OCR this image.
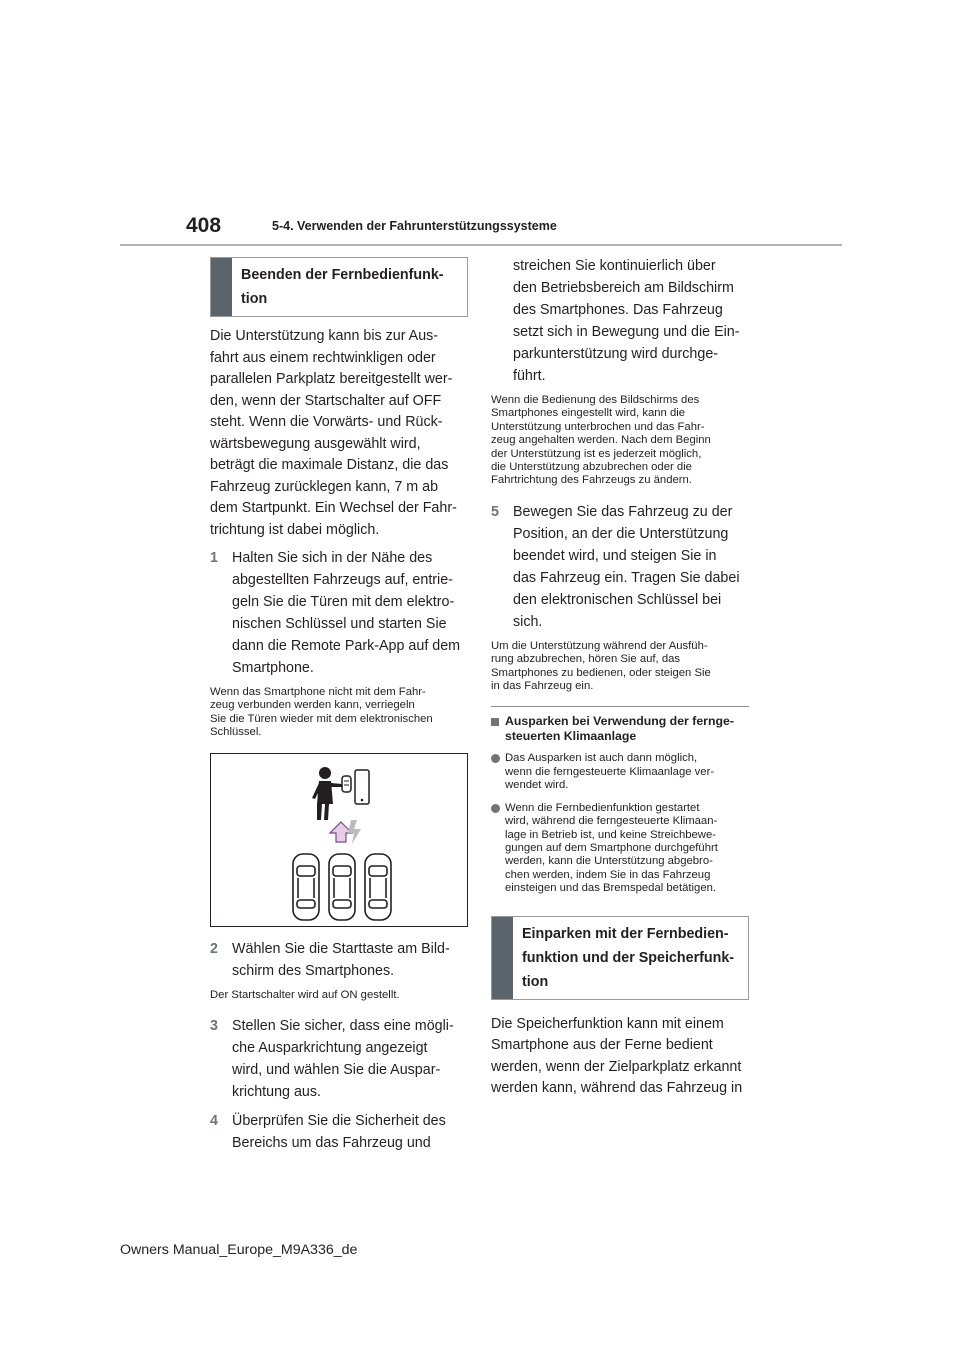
408	5-4. Verwenden der Fahrunterstützungssysteme
Beenden der Fernbedienfunk-
tion
Die Unterstützung kann bis zur Aus-
fahrt aus einem rechtwinkligen oder
parallelen Parkplatz bereitgestellt wer-
den, wenn der Startschalter auf OFF
steht. Wenn die Vorwärts- und Rück-
wärtsbewegung ausgewählt wird,
beträgt die maximale Distanz, die das
Fahrzeug zurücklegen kann, 7 m ab
dem Startpunkt. Ein Wechsel der Fahr-
trichtung ist dabei möglich.
1 Halten Sie sich in der Nähe des
abgestellten Fahrzeugs auf, entrie-
geln Sie die Türen mit dem elektro-
nischen Schlüssel und starten Sie
dann die Remote Park-App auf dem
Smartphone.
Wenn das Smartphone nicht mit dem Fahr-
zeug verbunden werden kann, verriegeln
Sie die Türen wieder mit dem elektronischen
Schlüssel.
2 Wählen Sie die Starttaste am Bild-
schirm des Smartphones.
Der Startschalter wird auf ON gestellt.
3 Stellen Sie sicher, dass eine mögli-
che Ausparkrichtung angezeigt
wird, und wählen Sie die Auspar-
krichtung aus.
4 Überprüfen Sie die Sicherheit des
Bereichs um das Fahrzeug und
streichen Sie kontinuierlich über
den Betriebsbereich am Bildschirm
des Smartphones. Das Fahrzeug
setzt sich in Bewegung und die Ein-
parkunterstützung wird durchge-
führt.
Wenn die Bedienung des Bildschirms des
Smartphones eingestellt wird, kann die
Unterstützung unterbrochen und das Fahr-
zeug angehalten werden. Nach dem Beginn
der Unterstützung ist es jederzeit möglich,
die Unterstützung abzubrechen oder die
Fahrtrichtung des Fahrzeugs zu ändern.
5 Bewegen Sie das Fahrzeug zu der
Position, an der die Unterstützung
beendet wird, und steigen Sie in
das Fahrzeug ein. Tragen Sie dabei
den elektronischen Schlüssel bei
sich.
Um die Unterstützung während der Ausfüh-
rung abzubrechen, hören Sie auf, das
Smartphones zu bedienen, oder steigen Sie
in das Fahrzeug ein.
Ausparken bei Verwendung der fernge-
steuerten Klimaanlage
Das Ausparken ist auch dann möglich,
wenn die ferngesteuerte Klimaanlage ver-
wendet wird.
Wenn die Fernbedienfunktion gestartet
wird, während die ferngesteuerte Klimaan-
lage in Betrieb ist, und keine Streichbewe-
gungen auf dem Smartphone durchgeführt
werden, kann die Unterstützung abgebro-
chen werden, indem Sie in das Fahrzeug
einsteigen und das Bremspedal betätigen.
Einparken mit der Fernbedien-
funktion und der Speicherfunk-
tion
Die Speicherfunktion kann mit einem
Smartphone aus der Ferne bedient
werden, wenn der Zielparkplatz erkannt
werden kann, während das Fahrzeug in
Owners Manual_Europe_M9A336_de
